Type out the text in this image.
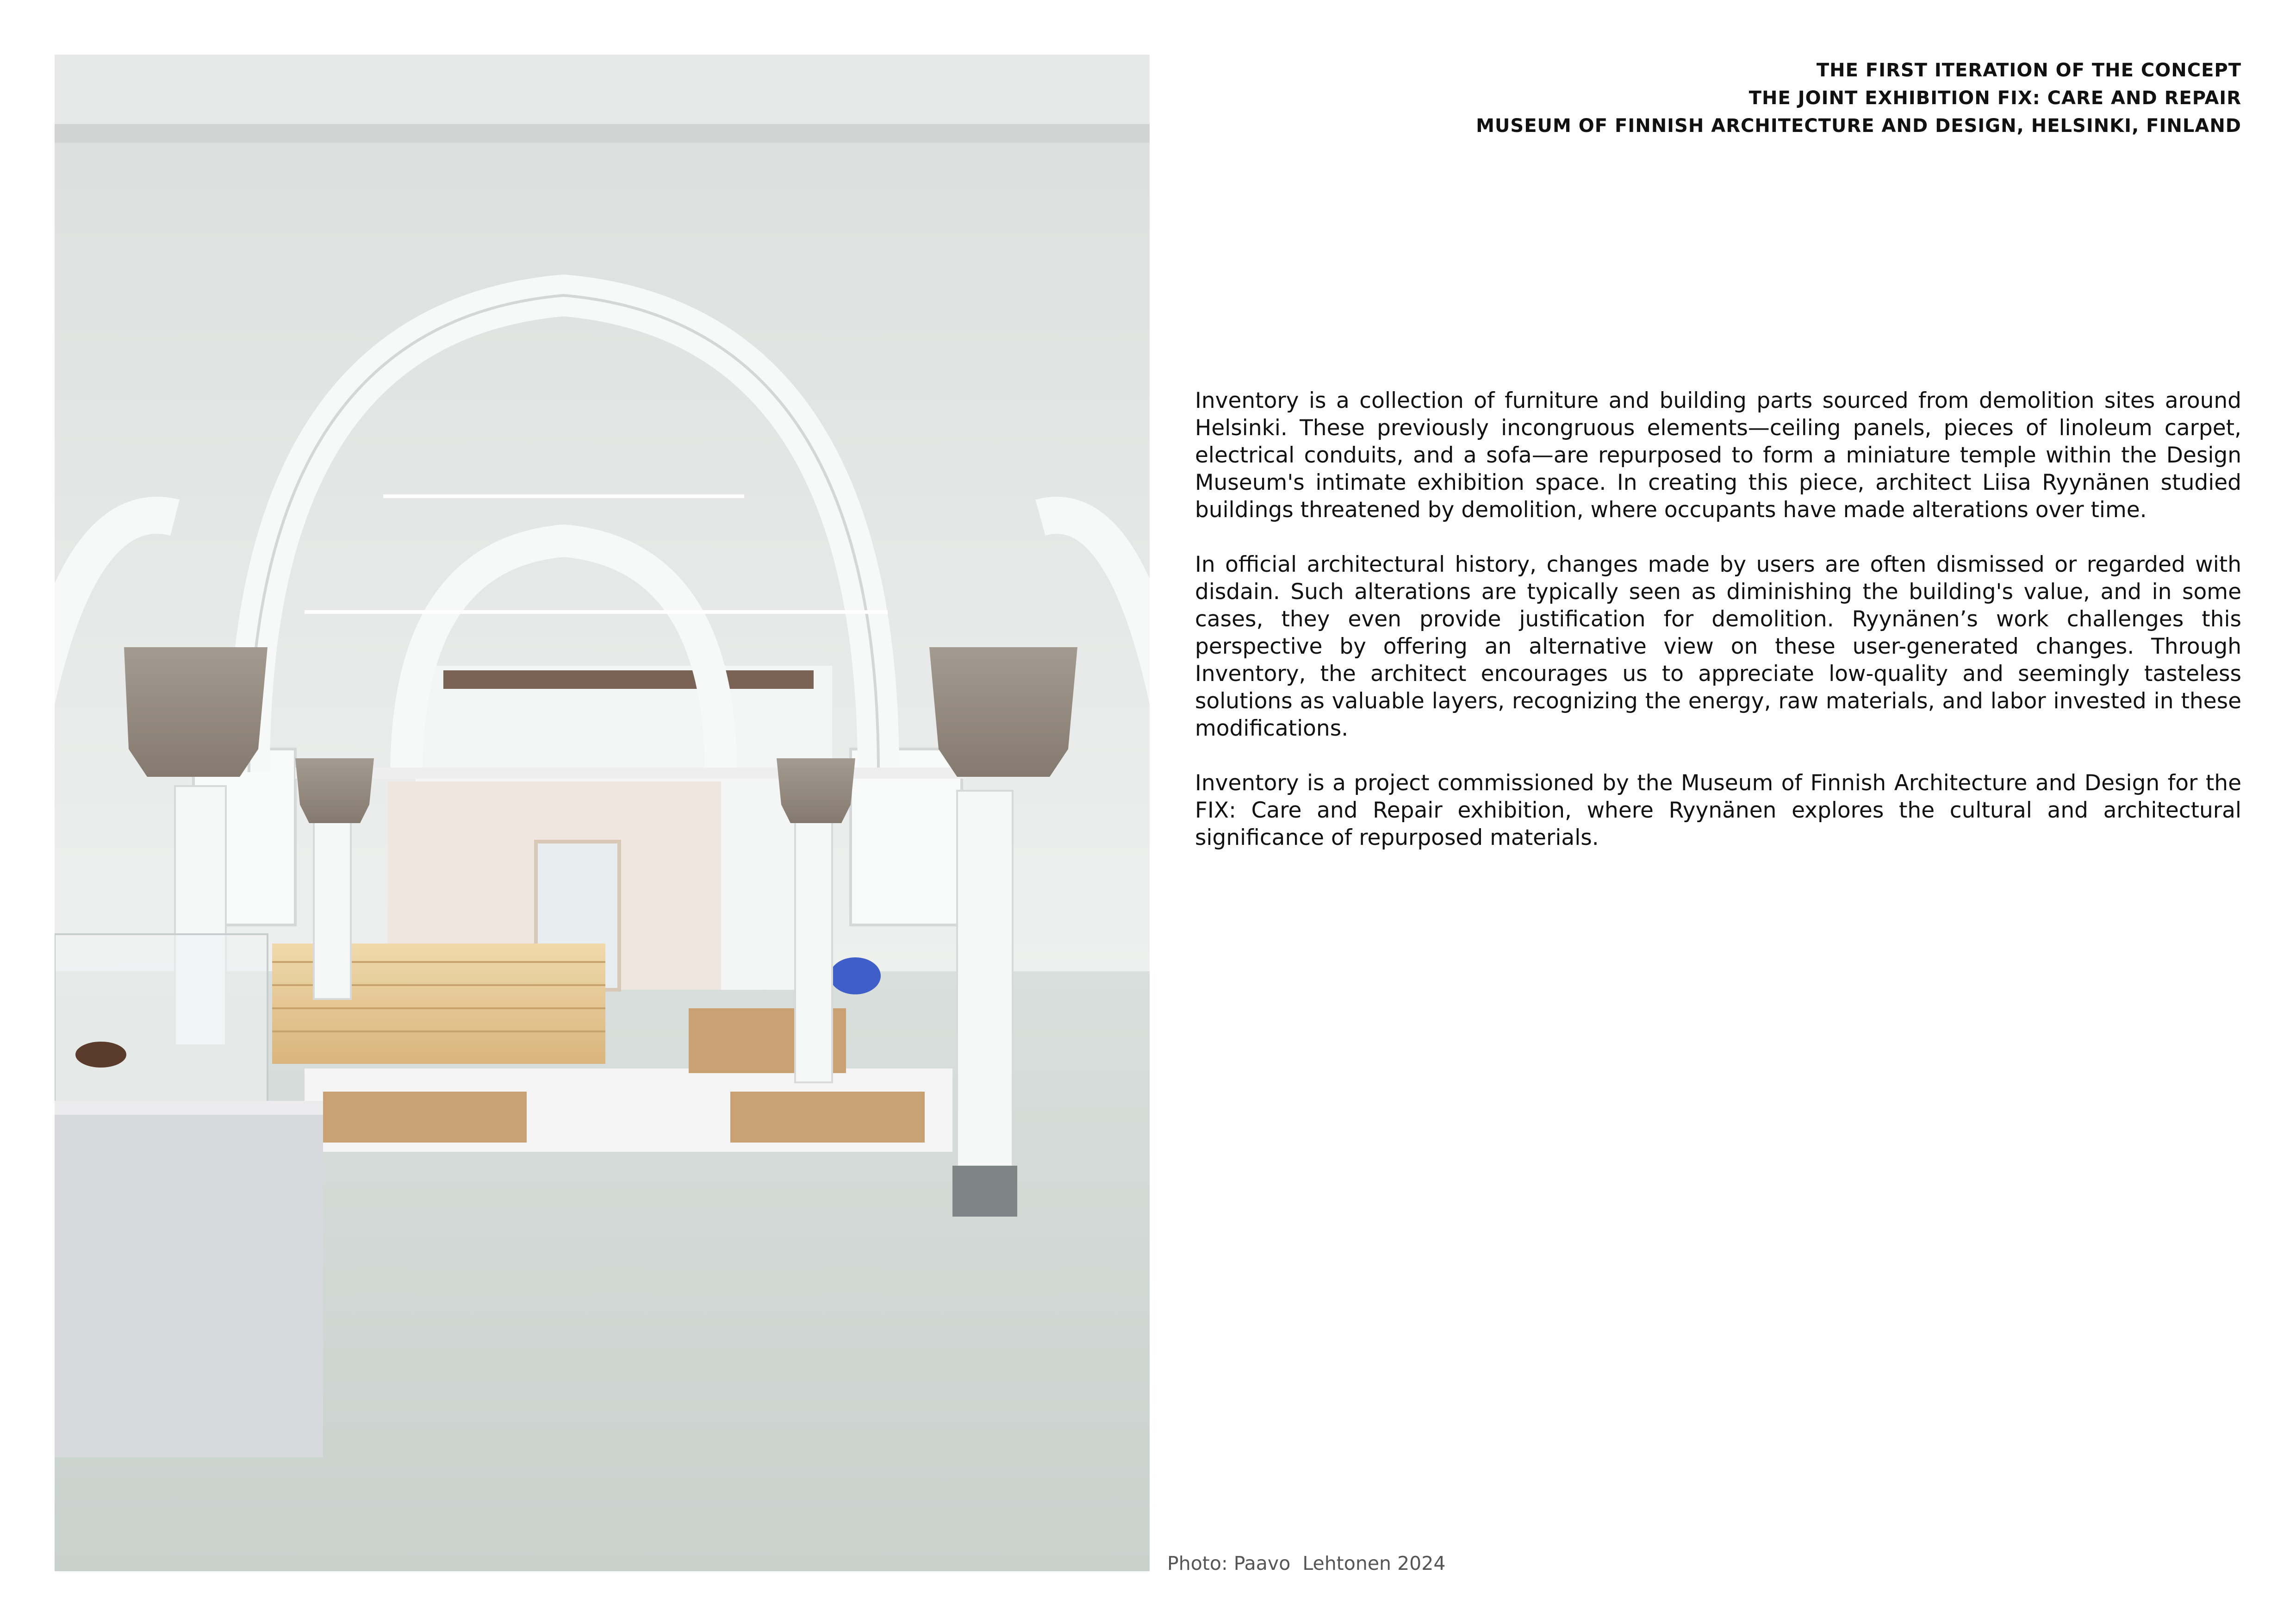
THE FIRST ITERATION OF THE CONCEPT
THE JOINT EXHIBITION FIX: CARE AND REPAIR
MUSEUM OF FINNISH ARCHITECTURE AND DESIGN, HELSINKI, FINLAND

Inventory is a collection of furniture and building parts sourced from demolition sites around Helsinki. These previously incongruous elements—ceiling panels, pieces of linoleum carpet, electrical conduits, and a sofa—are repurposed to form a miniature temple within the Design Museum's intimate exhibition space. In creating this piece, architect Liisa Ryynänen studied buildings threatened by demolition, where occupants have made alterations over time.

In official architectural history, changes made by users are often dismissed or regarded with disdain. Such alterations are typically seen as diminishing the building's value, and in some cases, they even provide justification for demolition. Ryynänen’s work challenges this perspective by offering an alternative view on these user-generated changes. Through Inventory, the architect encourages us to appreciate low-quality and seemingly tasteless solutions as valuable layers, recognizing the energy, raw materials, and labor invested in these modifications.

Inventory is a project commissioned by the Museum of Finnish Architecture and Design for the FIX: Care and Repair exhibition, where Ryynänen explores the cultural and architectural significance of repurposed materials.

Photo: Paavo  Lehtonen 2024
